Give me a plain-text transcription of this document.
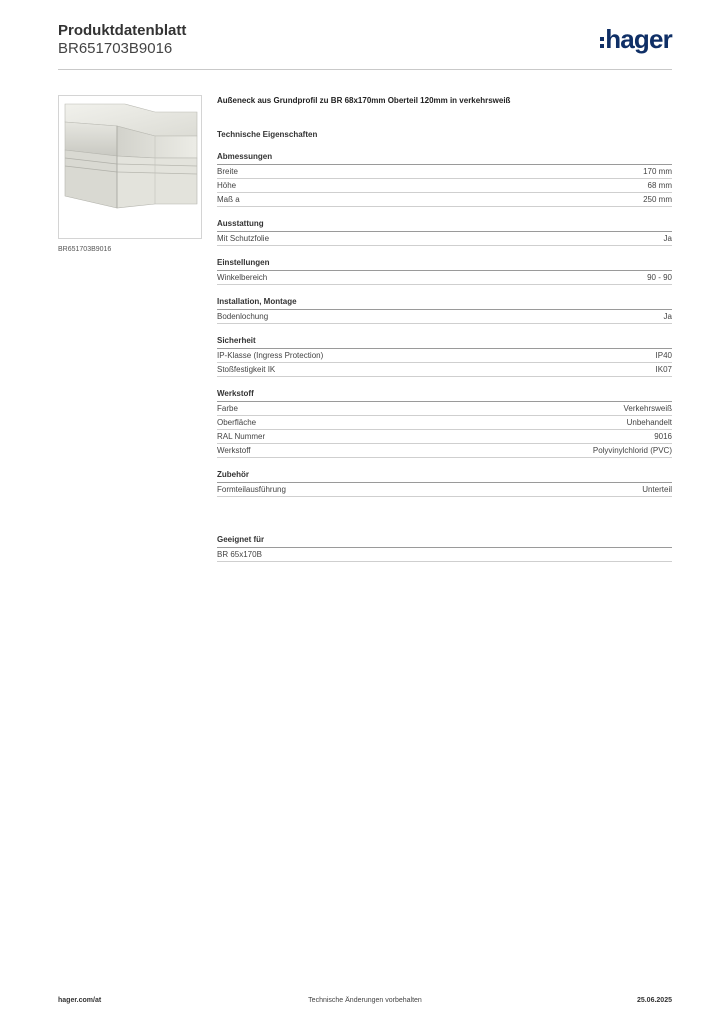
Produktdatenblatt
BR651703B9016	hager
BR651703B9016
Außeneck aus Grundprofil zu BR 68x170mm Oberteil 120mm in verkehrsweiß
Technische Eigenschaften
Abmessungen
Breite	170 mm
Höhe	68 mm
Maß a	250 mm
Ausstattung
Mit Schutzfolie	Ja
Einstellungen
Winkelbereich	90 - 90
Installation, Montage
Bodenlochung	Ja
Sicherheit
IP-Klasse (Ingress Protection)	IP40
Stoßfestigkeit IK	IK07
Werkstoff
Farbe	Verkehrsweiß
Oberfläche	Unbehandelt
RAL Nummer	9016
Werkstoff	Polyvinylchlorid (PVC)
Zubehör
Formteilausführung	Unterteil
Geeignet für
BR 65x170B
hager.com/at	Technische Änderungen vorbehalten	25.06.2025
